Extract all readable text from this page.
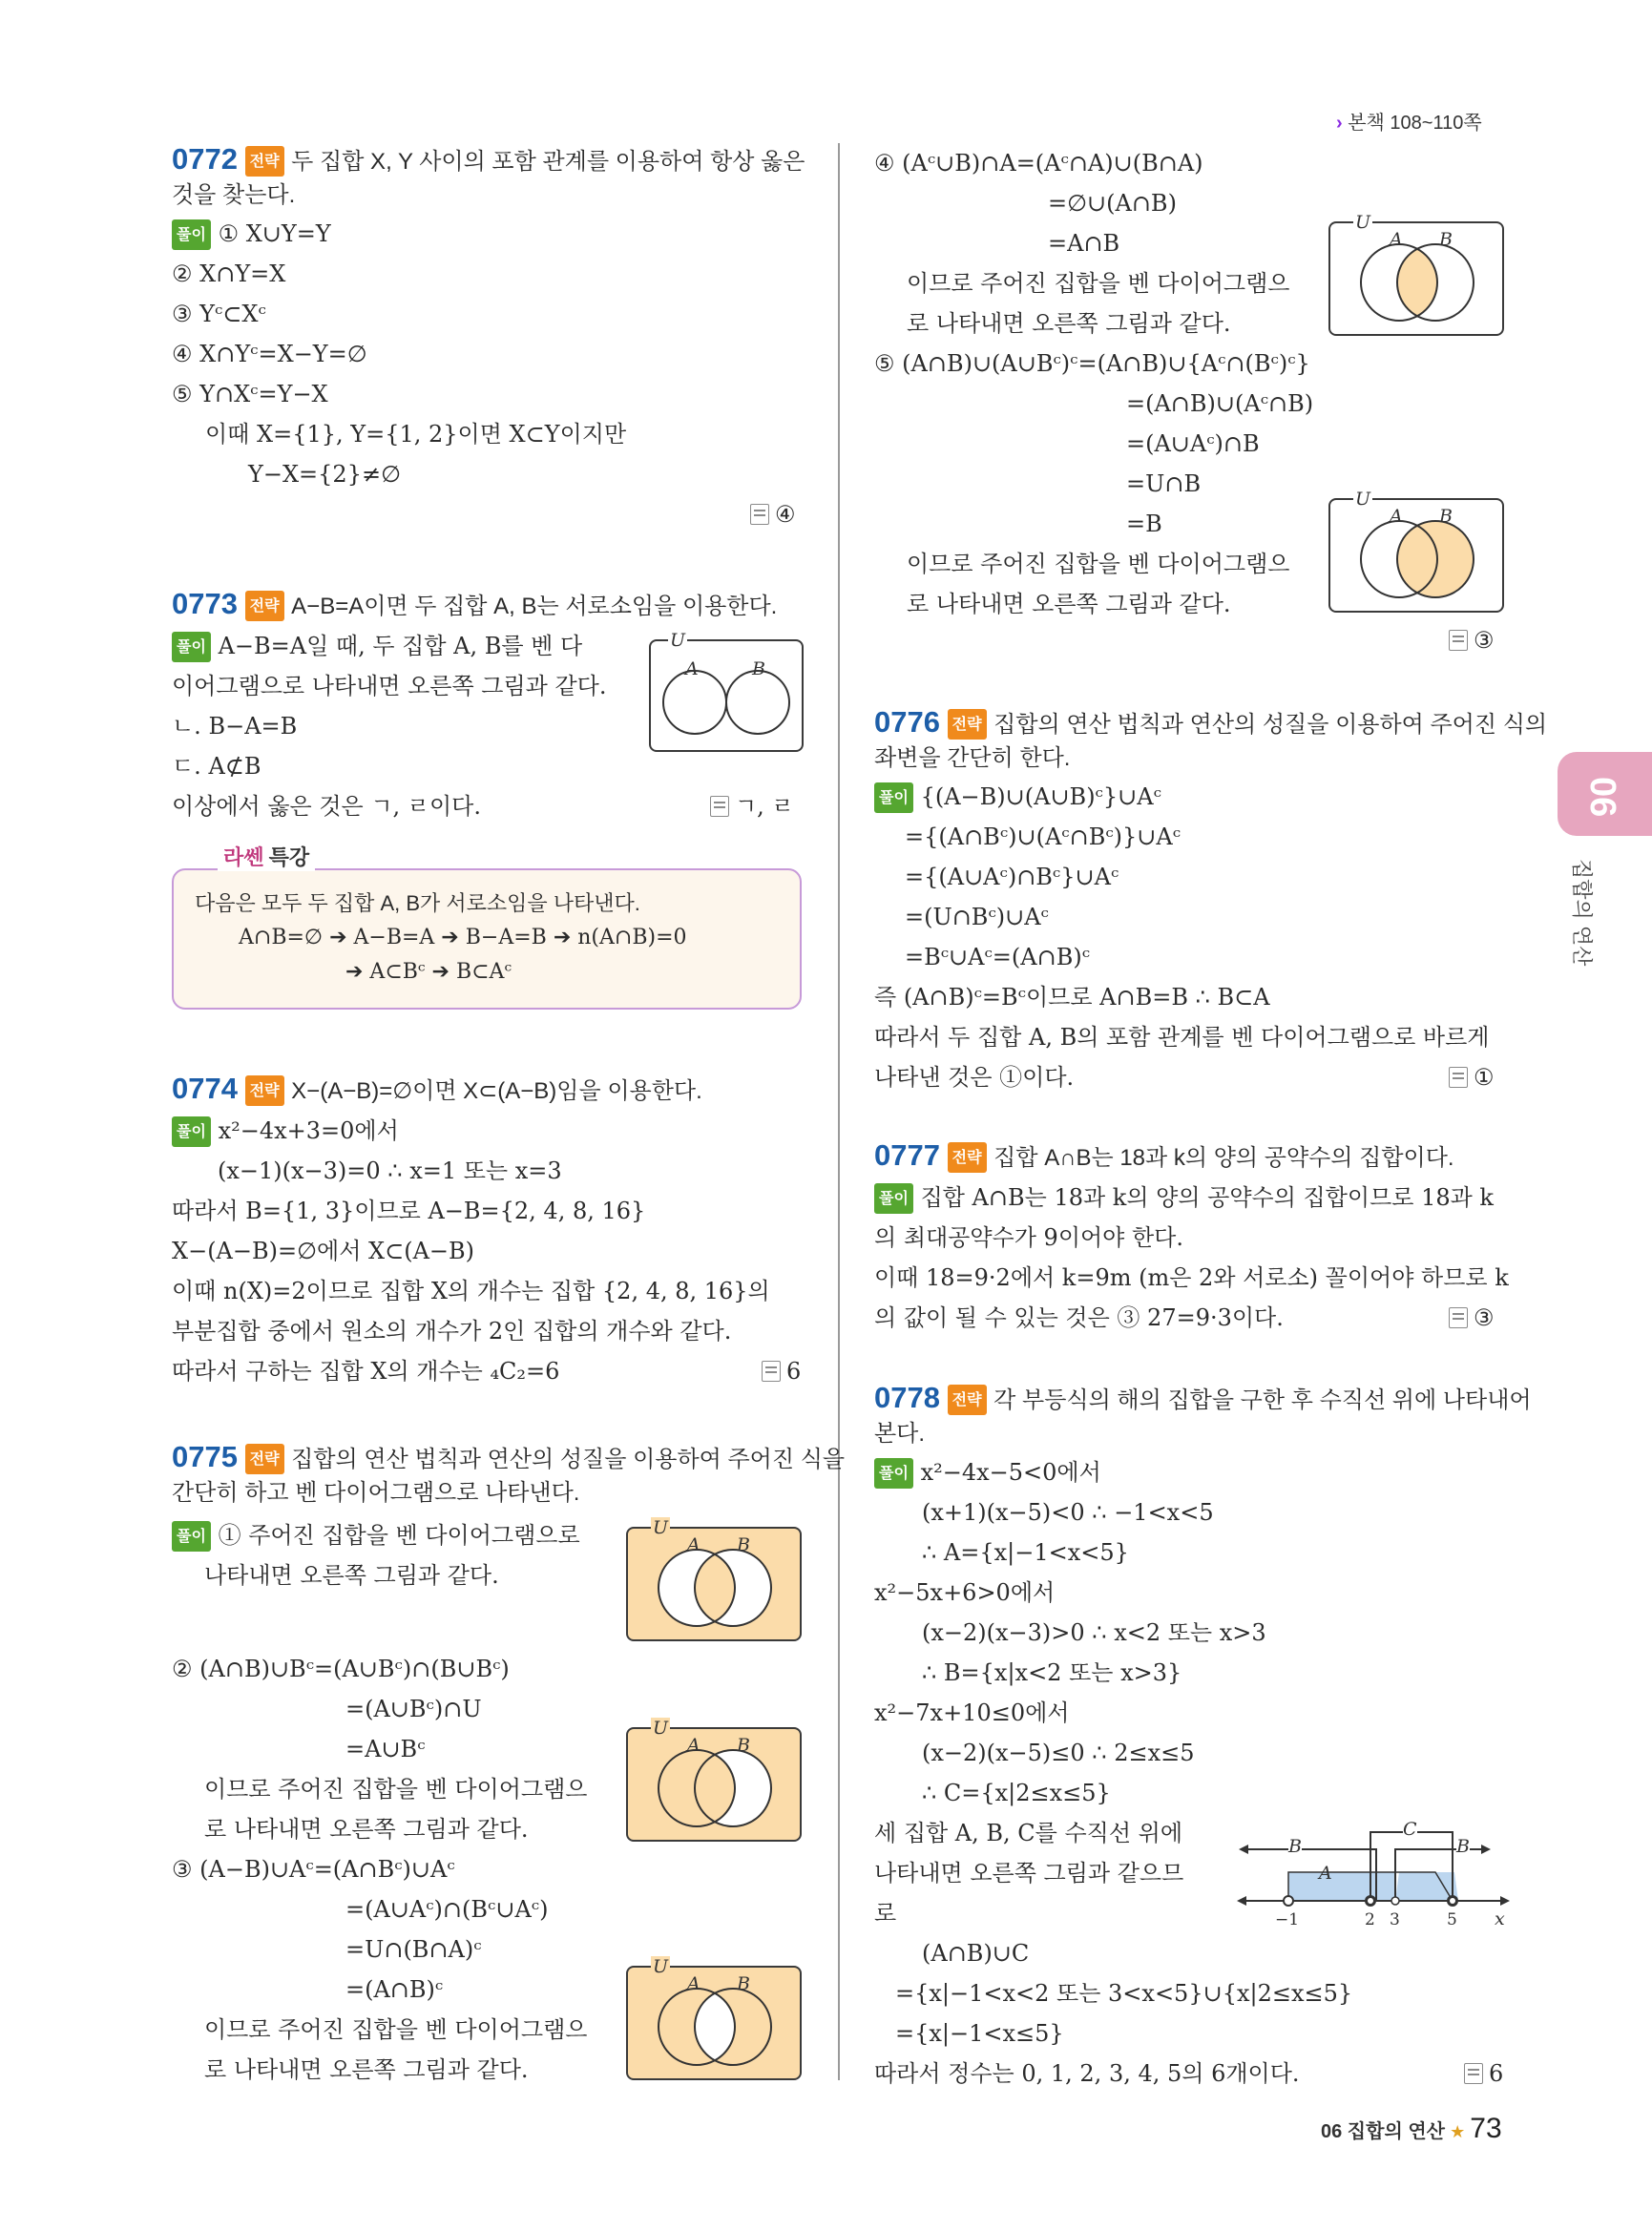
› 본책 108~110쪽
06
집합의 연산
0772 전략 두 집합 X, Y 사이의 포함 관계를 이용하여 항상 옳은
것을 찾는다.
풀이 ① X∪Y=Y
② X∩Y=X
③ Yᶜ⊂Xᶜ
④ X∩Yᶜ=X−Y=∅
⑤ Y∩Xᶜ=Y−X
이때 X={1}, Y={1, 2}이면 X⊂Y이지만
Y−X={2}≠∅
④
0773 전략 A−B=A이면 두 집합 A, B는 서로소임을 이용한다.
풀이 A−B=A일 때, 두 집합 A, B를 벤 다
이어그램으로 나타내면 오른쪽 그림과 같다.
ㄴ. B−A=B
ㄷ. A⊄B
이상에서 옳은 것은 ㄱ, ㄹ이다.	ㄱ, ㄹ
U
A	B
라쎈 특강
다음은 모두 두 집합 A, B가 서로소임을 나타낸다.
A∩B=∅ ➔ A−B=A ➔ B−A=B ➔ n(A∩B)=0
➔ A⊂Bᶜ ➔ B⊂Aᶜ
0774 전략 X−(A−B)=∅이면 X⊂(A−B)임을 이용한다.
풀이 x²−4x+3=0에서
(x−1)(x−3)=0 ∴ x=1 또는 x=3
따라서 B={1, 3}이므로 A−B={2, 4, 8, 16}
X−(A−B)=∅에서 X⊂(A−B)
이때 n(X)=2이므로 집합 X의 개수는 집합 {2, 4, 8, 16}의
부분집합 중에서 원소의 개수가 2인 집합의 개수와 같다.
따라서 구하는 집합 X의 개수는 ₄C₂=6	6
0775 전략 집합의 연산 법칙과 연산의 성질을 이용하여 주어진 식을
간단히 하고 벤 다이어그램으로 나타낸다.
풀이 ① 주어진 집합을 벤 다이어그램으로
나타내면 오른쪽 그림과 같다.
② (A∩B)∪Bᶜ=(A∪Bᶜ)∩(B∪Bᶜ)
=(A∪Bᶜ)∩U
=A∪Bᶜ
이므로 주어진 집합을 벤 다이어그램으
로 나타내면 오른쪽 그림과 같다.
③ (A−B)∪Aᶜ=(A∩Bᶜ)∪Aᶜ
=(A∪Aᶜ)∩(Bᶜ∪Aᶜ)
=U∩(B∩A)ᶜ
=(A∩B)ᶜ
이므로 주어진 집합을 벤 다이어그램으
로 나타내면 오른쪽 그림과 같다.
U
A B
U
A B
U
A B
④ (Aᶜ∪B)∩A=(Aᶜ∩A)∪(B∩A)
=∅∪(A∩B)
=A∩B
이므로 주어진 집합을 벤 다이어그램으
로 나타내면 오른쪽 그림과 같다.
U
A B
⑤ (A∩B)∪(A∪Bᶜ)ᶜ=(A∩B)∪{Aᶜ∩(Bᶜ)ᶜ}
=(A∩B)∪(Aᶜ∩B)
=(A∪Aᶜ)∩B
=U∩B
=B
이므로 주어진 집합을 벤 다이어그램으
로 나타내면 오른쪽 그림과 같다.
U
A B
③
0776 전략 집합의 연산 법칙과 연산의 성질을 이용하여 주어진 식의
좌변을 간단히 한다.
풀이 {(A−B)∪(A∪B)ᶜ}∪Aᶜ
={(A∩Bᶜ)∪(Aᶜ∩Bᶜ)}∪Aᶜ
={(A∪Aᶜ)∩Bᶜ}∪Aᶜ
=(U∩Bᶜ)∪Aᶜ
=Bᶜ∪Aᶜ=(A∩B)ᶜ
즉 (A∩B)ᶜ=Bᶜ이므로 A∩B=B ∴ B⊂A
따라서 두 집합 A, B의 포함 관계를 벤 다이어그램으로 바르게
나타낸 것은 ①이다.	①
0777 전략 집합 A∩B는 18과 k의 양의 공약수의 집합이다.
풀이 집합 A∩B는 18과 k의 양의 공약수의 집합이므로 18과 k
의 최대공약수가 9이어야 한다.
이때 18=9·2에서 k=9m (m은 2와 서로소) 꼴이어야 하므로 k
의 값이 될 수 있는 것은 ③ 27=9·3이다.	③
0778 전략 각 부등식의 해의 집합을 구한 후 수직선 위에 나타내어
본다.
풀이 x²−4x−5<0에서
(x+1)(x−5)<0 ∴ −1<x<5
∴ A={x|−1<x<5}
x²−5x+6>0에서
(x−2)(x−3)>0 ∴ x<2 또는 x>3
∴ B={x|x<2 또는 x>3}
x²−7x+10≤0에서
(x−2)(x−5)≤0 ∴ 2≤x≤5
∴ C={x|2≤x≤5}
세 집합 A, B, C를 수직선 위에
나타내면 오른쪽 그림과 같으므
로
(A∩B)∪C
={x|−1<x<2 또는 3<x<5}∪{x|2≤x≤5}
={x|−1<x≤5}
따라서 정수는 0, 1, 2, 3, 4, 5의 6개이다.	6
A
B	B
C
−1	2 3	5 x
06 집합의 연산 ★ 73
